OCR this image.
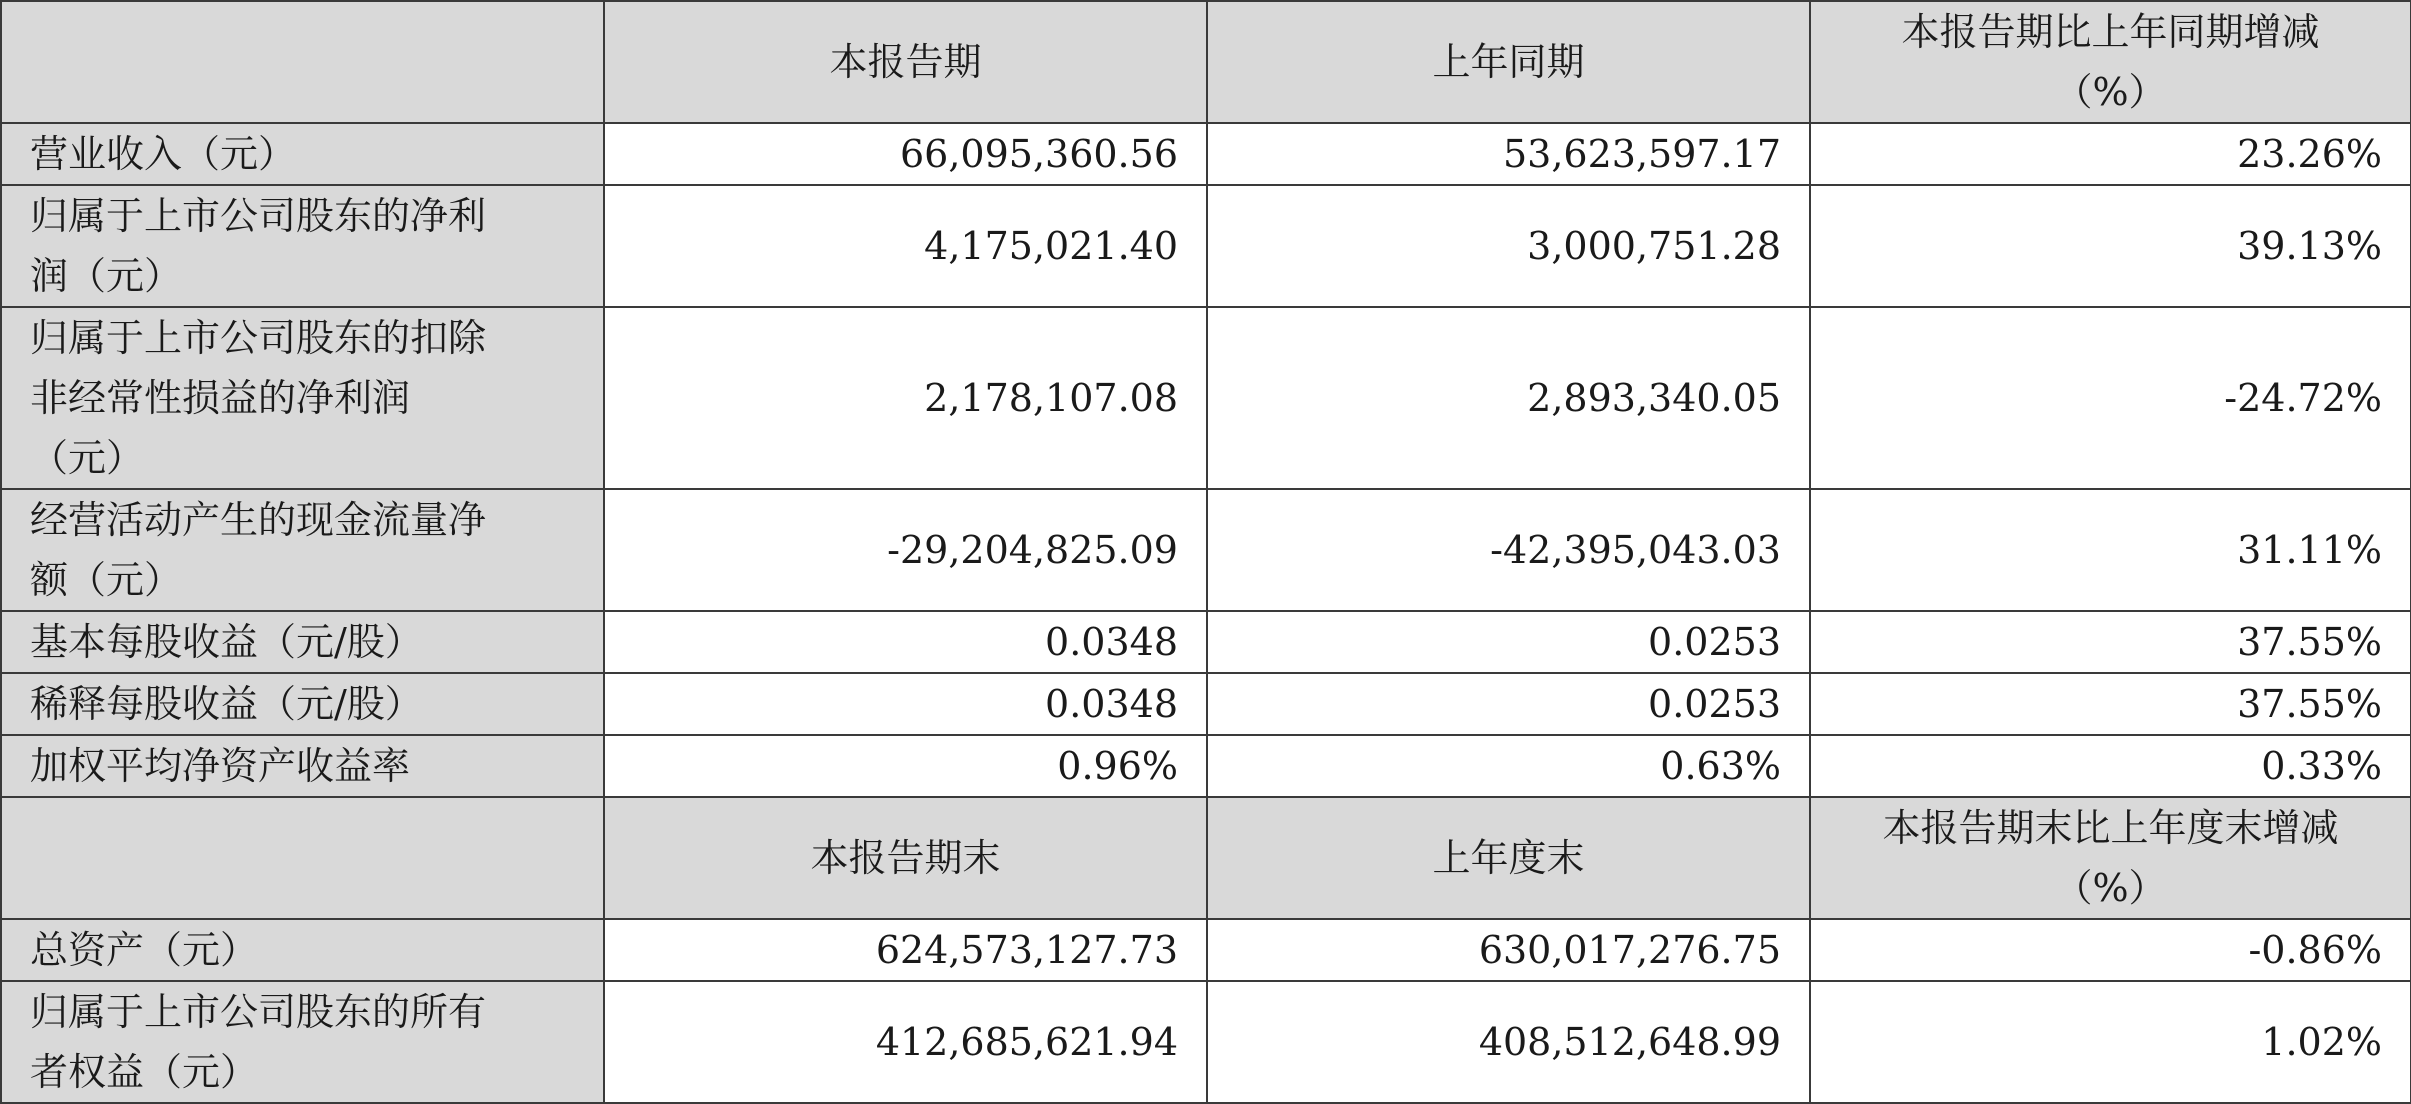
	本报告期	上年同期	本报告期比上年同期增减
（%）
营业收入（元）	66,095,360.56	53,623,597.17	23.26%
归属于上市公司股东的净利
润（元）	4,175,021.40	3,000,751.28	39.13%
归属于上市公司股东的扣除
非经常性损益的净利润
（元）	2,178,107.08	2,893,340.05	-24.72%
经营活动产生的现金流量净
额（元）	-29,204,825.09	-42,395,043.03	31.11%
基本每股收益（元/股）	0.0348	0.0253	37.55%
稀释每股收益（元/股）	0.0348	0.0253	37.55%
加权平均净资产收益率	0.96%	0.63%	0.33%
	本报告期末	上年度末	本报告期末比上年度末增减
（%）
总资产（元）	624,573,127.73	630,017,276.75	-0.86%
归属于上市公司股东的所有
者权益（元）	412,685,621.94	408,512,648.99	1.02%
